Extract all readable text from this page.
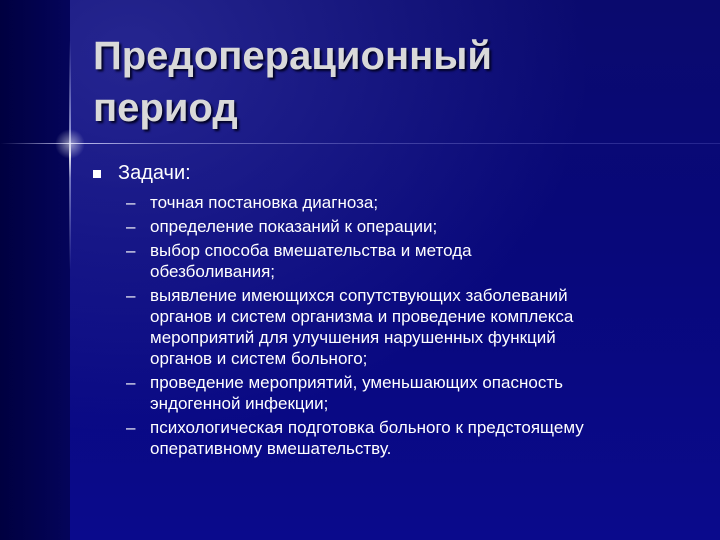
Предоперационный
период
Задачи:
– точная постановка диагноза;
– определение показаний к операции;
– выбор способа вмешательства и метода
обезболивания;
– выявление имеющихся сопутствующих заболеваний
органов и систем организма и проведение комплекса
мероприятий для улучшения нарушенных функций
органов и систем больного;
– проведение мероприятий, уменьшающих опасность
эндогенной инфекции;
– психологическая подготовка больного к предстоящему
оперативному вмешательству.
